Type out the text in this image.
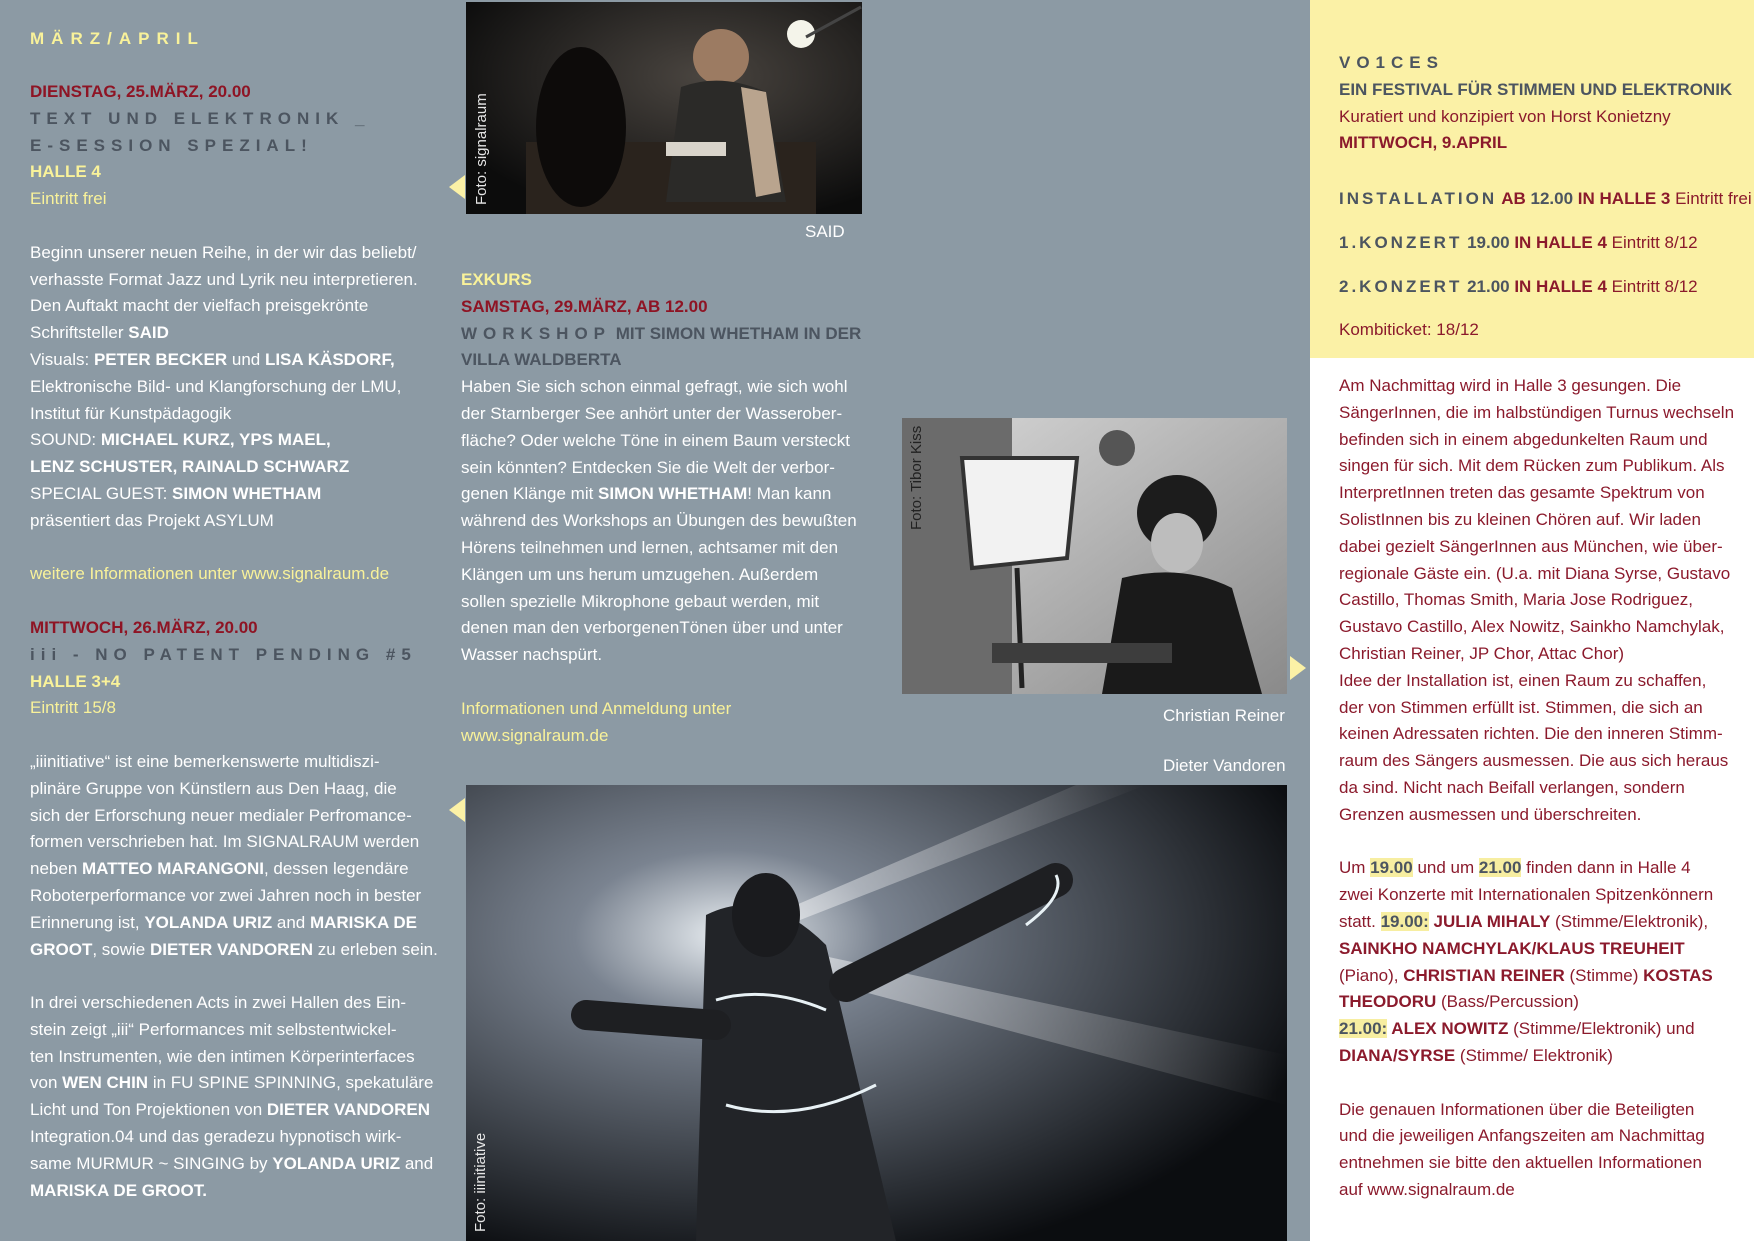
MÄRZ/APRIL
DIENSTAG, 25.MÄRZ, 20.00
TEXT UND ELEKTRONIK _
E-SESSION SPEZIAL!
HALLE 4
Eintritt frei

Beginn unserer neuen Reihe, in der wir das beliebt/
verhasste Format Jazz und Lyrik neu interpretieren.
Den Auftakt macht der vielfach preisgekrönte
Schriftsteller SAID
Visuals: PETER BECKER und LISA KÄSDORF,
Elektronische Bild- und Klangforschung der LMU,
Institut für Kunstpädagogik
SOUND: MICHAEL KURZ, YPS MAEL,
LENZ SCHUSTER, RAINALD SCHWARZ
SPECIAL GUEST: SIMON WHETHAM
präsentiert das Projekt ASYLUM

weitere Informationen unter www.signalraum.de

MITTWOCH, 26.MÄRZ, 20.00
iii - NO PATENT PENDING #5
HALLE 3+4
Eintritt 15/8

„iiinitiative“ ist eine bemerkenswerte multidiszi-
plinäre Gruppe von Künstlern aus Den Haag, die
sich der Erforschung neuer medialer Perfromance-
formen verschrieben hat. Im SIGNALRAUM werden
neben MATTEO MARANGONI, dessen legendäre
Roboterperformance vor zwei Jahren noch in bester
Erinnerung ist, YOLANDA URIZ and MARISKA DE
GROOT, sowie DIETER VANDOREN zu erleben sein.

In drei verschiedenen Acts in zwei Hallen des Ein-
stein zeigt „iii“ Performances mit selbstentwickel-
ten Instrumenten, wie den intimen Körperinterfaces
von WEN CHIN in FU SPINE SPINNING, spekatuläre
Licht und Ton Projektionen von DIETER VANDOREN
Integration.04 und das geradezu hypnotisch wirk-
same MURMUR ~ SINGING by YOLANDA URIZ and
MARISKA DE GROOT.
Foto: signalraum
SAID
EXKURS
SAMSTAG, 29.MÄRZ, AB 12.00
WORKSHOP MIT SIMON WHETHAM IN DER
VILLA WALDBERTA
Haben Sie sich schon einmal gefragt, wie sich wohl
der Starnberger See anhört unter der Wasserober-
fläche? Oder welche Töne in einem Baum versteckt
sein könnten? Entdecken Sie die Welt der verbor-
genen Klänge mit SIMON WHETHAM! Man kann
während des Workshops an Übungen des bewußten
Hörens teilnehmen und lernen, achtsamer mit den
Klängen um uns herum umzugehen. Außerdem
sollen spezielle Mikrophone gebaut werden, mit
denen man den verborgenenTönen über und unter
Wasser nachspürt.

Informationen und Anmeldung unter
www.signalraum.de
Foto: Tibor Kiss
Christian Reiner
Dieter Vandoren
Foto: iiinitiative
VO1CES
EIN FESTIVAL FÜR STIMMEN UND ELEKTRONIK
Kuratiert und konzipiert von Horst Konietzny
MITTWOCH, 9.APRIL
INSTALLATION AB 12.00 IN HALLE 3 Eintritt frei
1.KONZERT 19.00 IN HALLE 4 Eintritt 8/12
2.KONZERT 21.00 IN HALLE 4 Eintritt 8/12
Kombiticket: 18/12
Am Nachmittag wird in Halle 3 gesungen. Die
SängerInnen, die im halbstündigen Turnus wechseln
befinden sich in einem abgedunkelten Raum und
singen für sich. Mit dem Rücken zum Publikum. Als
InterpretInnen treten das gesamte Spektrum von
SolistInnen bis zu kleinen Chören auf. Wir laden
dabei gezielt SängerInnen aus München, wie über-
regionale Gäste ein. (U.a. mit Diana Syrse, Gustavo
Castillo, Thomas Smith, Maria Jose Rodriguez,
Gustavo Castillo, Alex Nowitz, Sainkho Namchylak,
Christian Reiner, JP Chor, Attac Chor)
Idee der Installation ist, einen Raum zu schaffen,
der von Stimmen erfüllt ist. Stimmen, die sich an
keinen Adressaten richten. Die den inneren Stimm-
raum des Sängers ausmessen. Die aus sich heraus
da sind. Nicht nach Beifall verlangen, sondern
Grenzen ausmessen und überschreiten.

Um 19.00 und um 21.00 finden dann in Halle 4
zwei Konzerte mit Internationalen Spitzenkönnern
statt. 19.00: JULIA MIHALY (Stimme/Elektronik),
SAINKHO NAMCHYLAK/KLAUS TREUHEIT
(Piano), CHRISTIAN REINER (Stimme) KOSTAS
THEODORU (Bass/Percussion)
21.00: ALEX NOWITZ (Stimme/Elektronik) und
DIANA/SYRSE (Stimme/ Elektronik)

Die genauen Informationen über die Beteiligten
und die jeweiligen Anfangszeiten am Nachmittag
entnehmen sie bitte den aktuellen Informationen
auf www.signalraum.de
